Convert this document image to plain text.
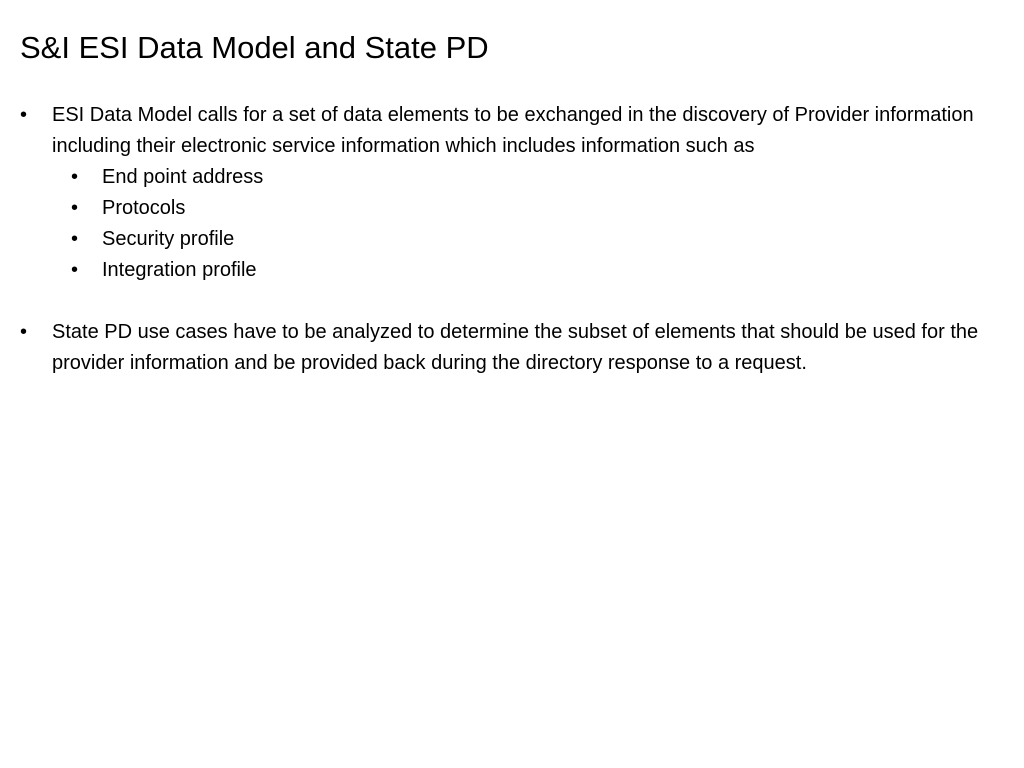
S&I ESI Data Model and State PD
• ESI Data Model calls for a set of data elements to be exchanged in the discovery of Provider information including their electronic service information which includes information such as
• End point address
• Protocols
• Security profile
• Integration profile
• State PD use cases have to be analyzed to determine the subset of elements that should be used for the provider information and be provided back during the directory response to a request.
